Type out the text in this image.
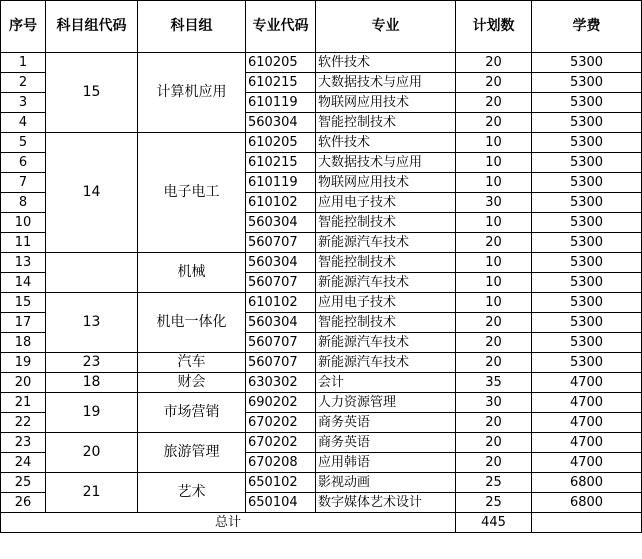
序号	科目组代码	科目组	专业代码	专业	计划数	学费
1	15	计算机应用	610205	软件技术	20	5300
2			610215	大数据技术与应用	20	5300
3			610119	物联网应用技术	20	5300
4			560304	智能控制技术	20	5300
5	14	电子电工	610205	软件技术	10	5300
6			610215	大数据技术与应用	10	5300
7			610119	物联网应用技术	10	5300
8			610102	应用电子技术	30	5300
10			560304	智能控制技术	10	5300
11			560707	新能源汽车技术	20	5300
13		机械	560304	智能控制技术	10	5300
14			560707	新能源汽车技术	10	5300
15	13	机电一体化	610102	应用电子技术	10	5300
17			560304	智能控制技术	20	5300
18			560707	新能源汽车技术	20	5300
19	23	汽车	560707	新能源汽车技术	20	5300
20	18	财会	630302	会计	35	4700
21	19	市场营销	690202	人力资源管理	30	4700
22			670202	商务英语	20	4700
23	20	旅游管理	670202	商务英语	20	4700
24			670208	应用韩语	20	4700
25	21	艺术	650102	影视动画	25	6800
26			650104	数字媒体艺术设计	25	6800
总计					445	
